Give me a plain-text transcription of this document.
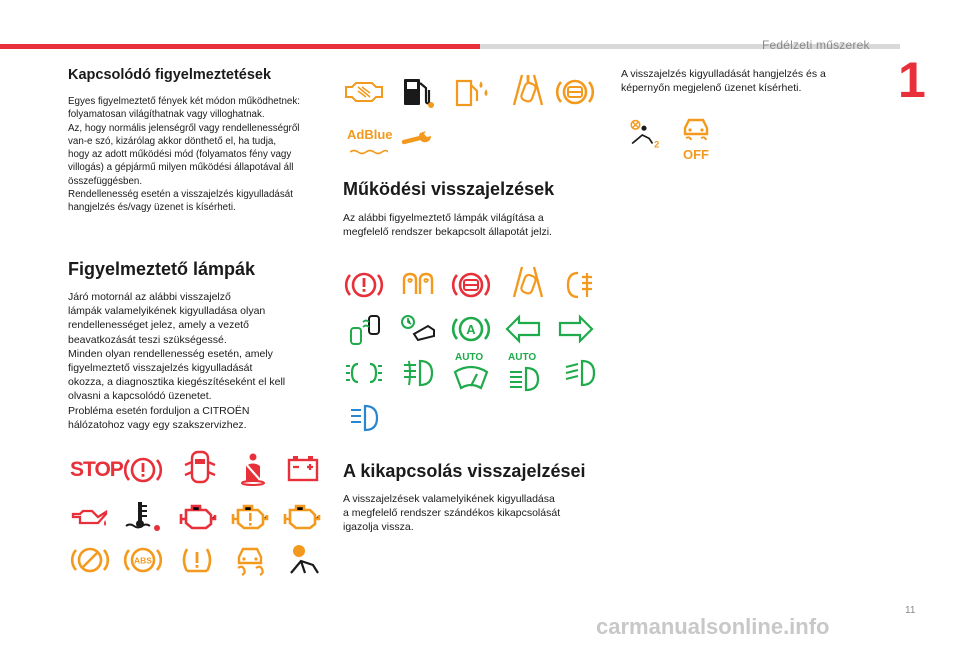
Fedélzeti műszerek
1
Kapcsolódó figyelmeztetések
Egyes figyelmeztető fények két módon működhetnek:
folyamatosan világíthatnak vagy villoghatnak.
Az, hogy normális jelenségről vagy rendellenességről
van-e szó, kizárólag akkor dönthető el, ha tudja,
hogy az adott működési mód (folyamatos fény vagy
villogás) a gépjármű milyen működési állapotával áll
összefüggésben.
Rendellenesség esetén a visszajelzés kigyulladását
hangjelzés és/vagy üzenet is kísérheti.
Figyelmeztető lámpák
Járó motornál az alábbi visszajelző
lámpák valamelyikének kigyulladása olyan
rendellenességet jelez, amely a vezető
beavatkozását teszi szükségessé.
Minden olyan rendellenesség esetén, amely
figyelmeztető visszajelzés kigyulladását
okozza, a diagnosztika kiegészítéseként el kell
olvasni a kapcsolódó üzenetet.
Probléma esetén forduljon a CITROËN
hálózatohoz vagy egy szakszervizhez.
STOP
ABS
AdBlue
Működési visszajelzések
Az alábbi figyelmeztető lámpák világítása a
megfelelő rendszer bekapcsolt állapotát jelzi.
A
AUTO AUTO
A kikapcsolás visszajelzései
A visszajelzések valamelyikének kigyulladása
a megfelelő rendszer szándékos kikapcsolását
igazolja vissza.
A visszajelzés kigyulladását hangjelzés és a
képernyőn megjelenő üzenet kísérheti.
2
OFF
11
carmanualsonline.info
